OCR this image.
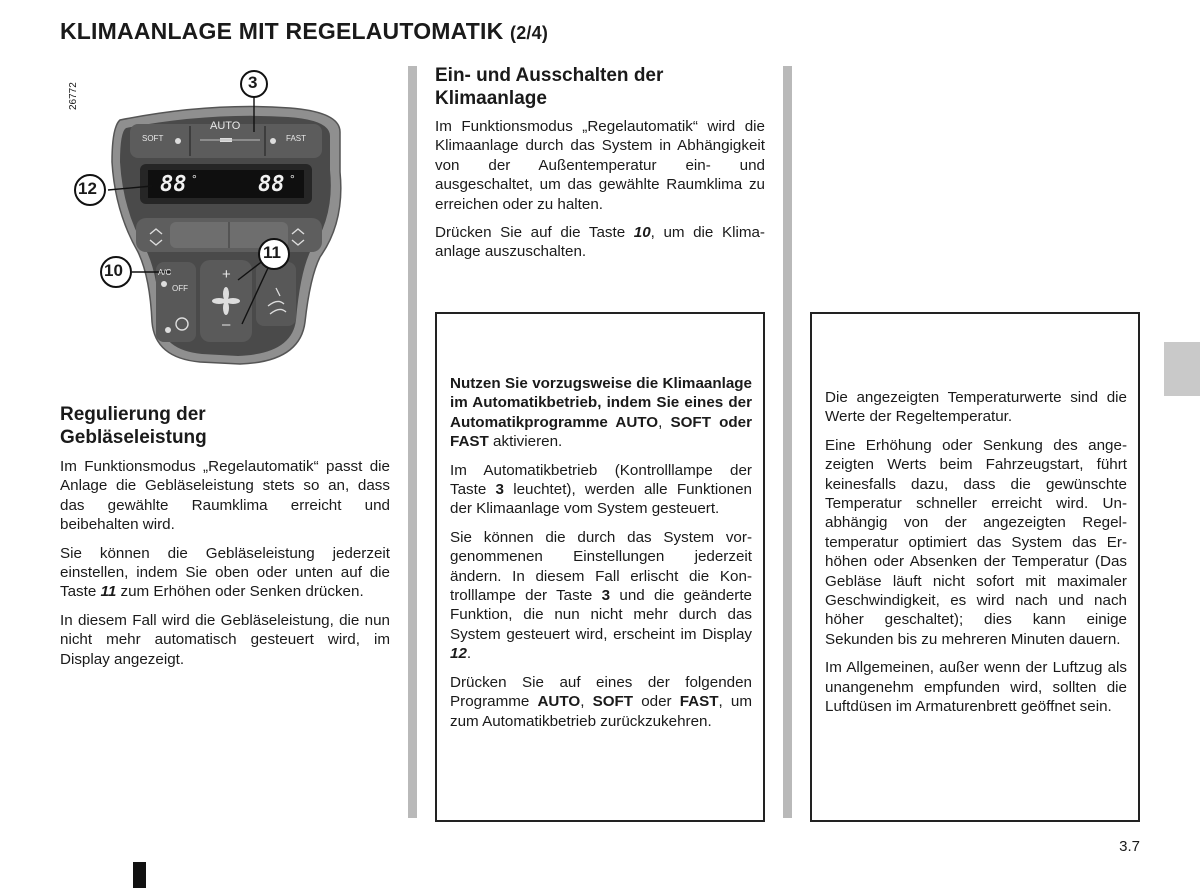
KLIMAANLAGE MIT REGELAUTOMATIK (2/4)
26772
AUTO
SOFT	FAST
OFF
A/C
88 °	88 °
+
–
3
12
10
11
Regulierung der Gebläseleistung

Im Funktionsmodus „Regelautomatik“ passt die Anlage die Gebläseleistung stets so an, dass das gewählte Raumklima erreicht und beibehalten wird.

Sie können die Gebläseleistung jederzeit einstellen, indem Sie oben oder unten auf die Taste 11 zum Erhöhen oder Senken drücken.

In diesem Fall wird die Gebläseleistung, die nun nicht mehr automatisch gesteuert wird, im Display angezeigt.

Ein- und Ausschalten der Klimaanlage

Im Funktionsmodus „Regelautomatik“ wird die Klimaanlage durch das System in Abhängigkeit von der Außentemperatur ein- und ausgeschaltet, um das gewählte Raumklima zu erreichen oder zu halten.

Drücken Sie auf die Taste 10, um die Klimaanlage auszuschalten.

Nutzen Sie vorzugsweise die Klimaanlage im Automatikbetrieb, indem Sie eines der Automatikprogramme AUTO, SOFT oder FAST aktivieren.

Im Automatikbetrieb (Kontrolllampe der Taste 3 leuchtet), werden alle Funktionen der Klimaanlage vom System gesteuert.

Sie können die durch das System vorgenommenen Einstellungen jederzeit ändern. In diesem Fall erlischt die Kontrolllampe der Taste 3 und die geänderte Funktion, die nun nicht mehr durch das System gesteuert wird, erscheint im Display 12.

Drücken Sie auf eines der folgenden Programme AUTO, SOFT oder FAST, um zum Automatikbetrieb zurückzukehren.

Die angezeigten Temperaturwerte sind die Werte der Regeltemperatur.

Eine Erhöhung oder Senkung des angezeigten Werts beim Fahrzeugstart, führt keinesfalls dazu, dass die gewünschte Temperatur schneller erreicht wird. Unabhängig von der angezeigten Regeltemperatur optimiert das System das Erhöhen oder Absenken der Temperatur (Das Gebläse läuft nicht sofort mit maximaler Geschwindigkeit, es wird nach und nach höher geschaltet); dies kann einige Sekunden bis zu mehreren Minuten dauern.

Im Allgemeinen, außer wenn der Luftzug als unangenehm empfunden wird, sollten die Luftdüsen im Armaturenbrett geöffnet sein.

3.7
